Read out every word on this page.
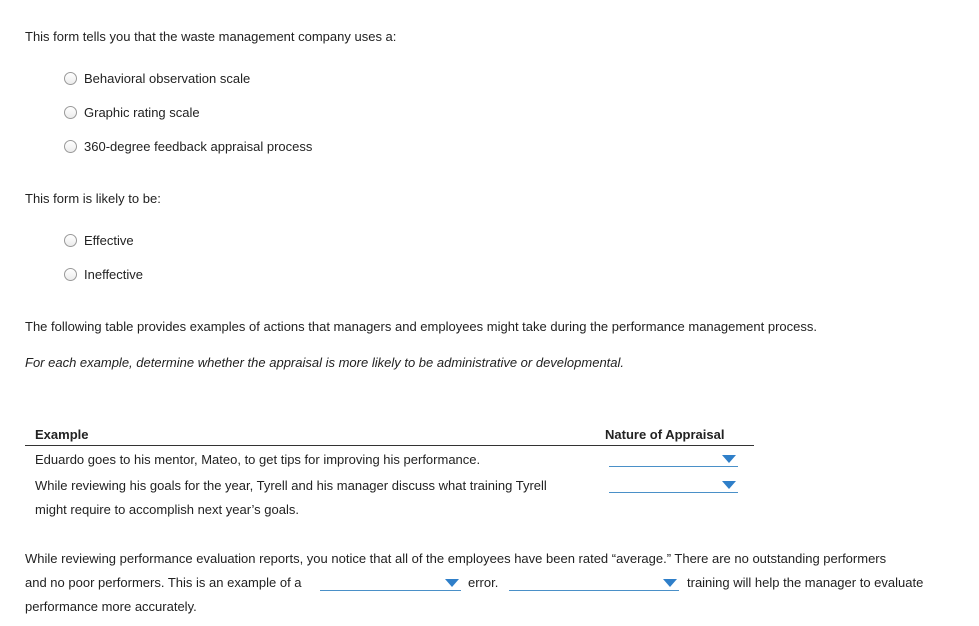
This form tells you that the waste management company uses a:
Behavioral observation scale
Graphic rating scale
360-degree feedback appraisal process
This form is likely to be:
Effective
Ineffective
The following table provides examples of actions that managers and employees might take during the performance management process.
For each example, determine whether the appraisal is more likely to be administrative or developmental.
Example	Nature of Appraisal
Eduardo goes to his mentor, Mateo, to get tips for improving his performance.
While reviewing his goals for the year, Tyrell and his manager discuss what training Tyrell
might require to accomplish next year’s goals.
While reviewing performance evaluation reports, you notice that all of the employees have been rated “average.” There are no outstanding performers
and no poor performers. This is an example of a	error.	training will help the manager to evaluate
performance more accurately.
